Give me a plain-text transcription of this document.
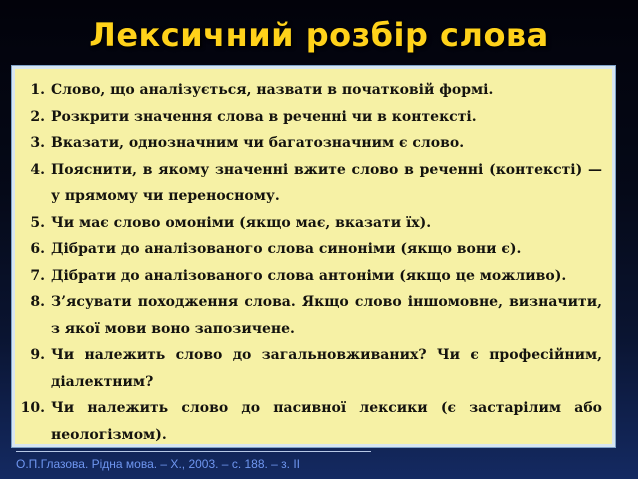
Лексичний розбір слова
1. Слово, що аналізується, назвати в початковій формі.
2. Розкрити значення слова в реченні чи в контексті.
3. Вказати, однозначним чи багатозначним є слово.
4. Пояснити, в якому значенні вжите слово в реченні (контексті) — у прямому чи переносному.
5. Чи має слово омоніми (якщо має, вказати їх).
6. Дібрати до аналізованого слова синоніми (якщо вони є).
7. Дібрати до аналізованого слова антоніми (якщо це можливо).
8. З’ясувати походження слова. Якщо слово іншомовне, визначити, з якої мови воно запозичене.
9. Чи належить слово до загальновживаних? Чи є професійним, діалектним?
10. Чи належить слово до пасивної лексики (є застарілим або неологізмом).
О.П.Глазова. Рідна мова. – Х., 2003. – с. 188. – з. ІІ
